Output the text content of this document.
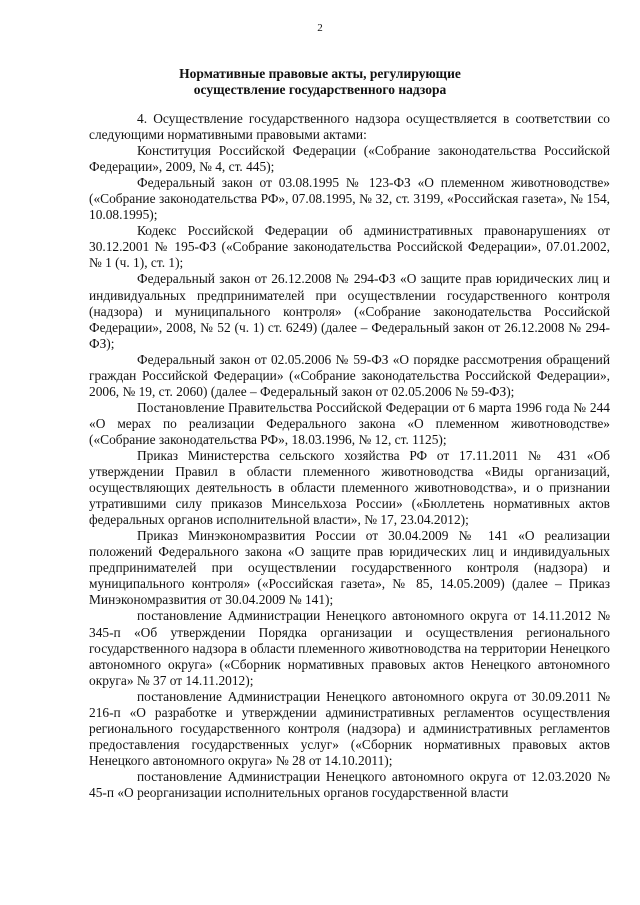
2
Нормативные правовые акты, регулирующие
осуществление государственного надзора

4. Осуществление государственного надзора осуществляется в соответствии со следующими нормативными правовыми актами:

Конституция Российской Федерации («Собрание законодательства Российской Федерации», 2009, № 4, ст. 445);

Федеральный закон от 03.08.1995 № 123-ФЗ «О племенном животноводстве» («Собрание законодательства РФ», 07.08.1995, № 32, ст. 3199, «Российская газета», № 154, 10.08.1995);

Кодекс Российской Федерации об административных правонарушениях от 30.12.2001 № 195-ФЗ («Собрание законодательства Российской Федерации», 07.01.2002, № 1 (ч. 1), ст. 1);

Федеральный закон от 26.12.2008 № 294-ФЗ «О защите прав юридических лиц и индивидуальных предпринимателей при осуществлении государственного контроля (надзора) и муниципального контроля» («Собрание законодательства Российской Федерации», 2008, № 52 (ч. 1) ст. 6249) (далее – Федеральный закон от 26.12.2008 № 294-ФЗ);

Федеральный закон от 02.05.2006 № 59-ФЗ «О порядке рассмотрения обращений граждан Российской Федерации» («Собрание законодательства Российской Федерации», 2006, № 19, ст. 2060) (далее – Федеральный закон от 02.05.2006 № 59-ФЗ);

Постановление Правительства Российской Федерации от 6 марта 1996 года № 244 «О мерах по реализации Федерального закона «О племенном животноводстве» («Собрание законодательства РФ», 18.03.1996, № 12, ст. 1125);

Приказ Министерства сельского хозяйства РФ от 17.11.2011 № 431 «Об утверждении Правил в области племенного животноводства «Виды организаций, осуществляющих деятельность в области племенного животноводства», и о признании утратившими силу приказов Минсельхоза России» («Бюллетень нормативных актов федеральных органов исполнительной власти», № 17, 23.04.2012);

Приказ Минэкономразвития России от 30.04.2009 № 141 «О реализации положений Федерального закона «О защите прав юридических лиц и индивидуальных предпринимателей при осуществлении государственного контроля (надзора) и муниципального контроля» («Российская газета», № 85, 14.05.2009) (далее – Приказ Минэкономразвития от 30.04.2009 № 141);

постановление Администрации Ненецкого автономного округа от 14.11.2012 № 345-п «Об утверждении Порядка организации и осуществления регионального государственного надзора в области племенного животноводства на территории Ненецкого автономного округа» («Сборник нормативных правовых актов Ненецкого автономного округа» № 37 от 14.11.2012);

постановление Администрации Ненецкого автономного округа от 30.09.2011 № 216-п «О разработке и утверждении административных регламентов осуществления регионального государственного контроля (надзора) и административных регламентов предоставления государственных услуг» («Сборник нормативных правовых актов Ненецкого автономного округа» № 28 от 14.10.2011);

постановление Администрации Ненецкого автономного округа от 12.03.2020 № 45-п «О реорганизации исполнительных органов государственной власти
